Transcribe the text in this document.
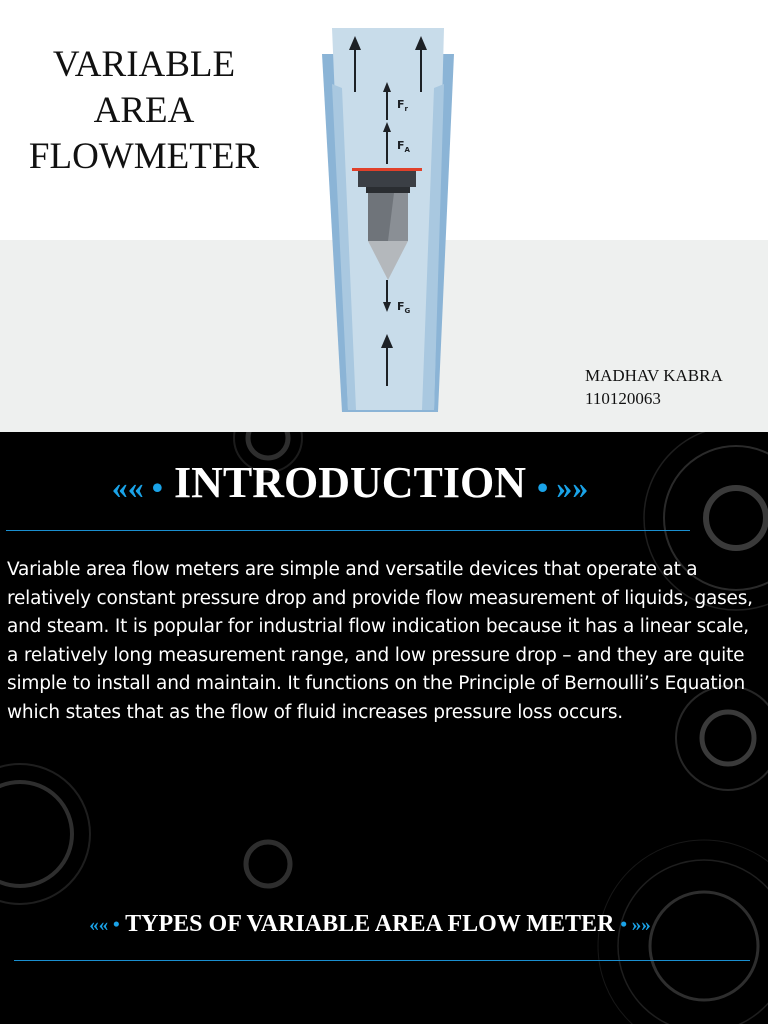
VARIABLE
AREA
FLOWMETER
$F_r$
$F_A$
$F_G$
MADHAV KABRA
110120063
«« • INTRODUCTION • »»

Variable area flow meters are simple and versatile devices that operate at a relatively constant pressure drop and provide flow measurement of liquids, gases, and steam. It is popular for industrial flow indication because it has a linear scale, a relatively long measurement range, and low pressure drop – and they are quite simple to install and maintain. It functions on the Principle of Bernoulli’s Equation which states that as the flow of fluid increases pressure loss occurs.

«« • TYPES OF VARIABLE AREA FLOW METER • »»
